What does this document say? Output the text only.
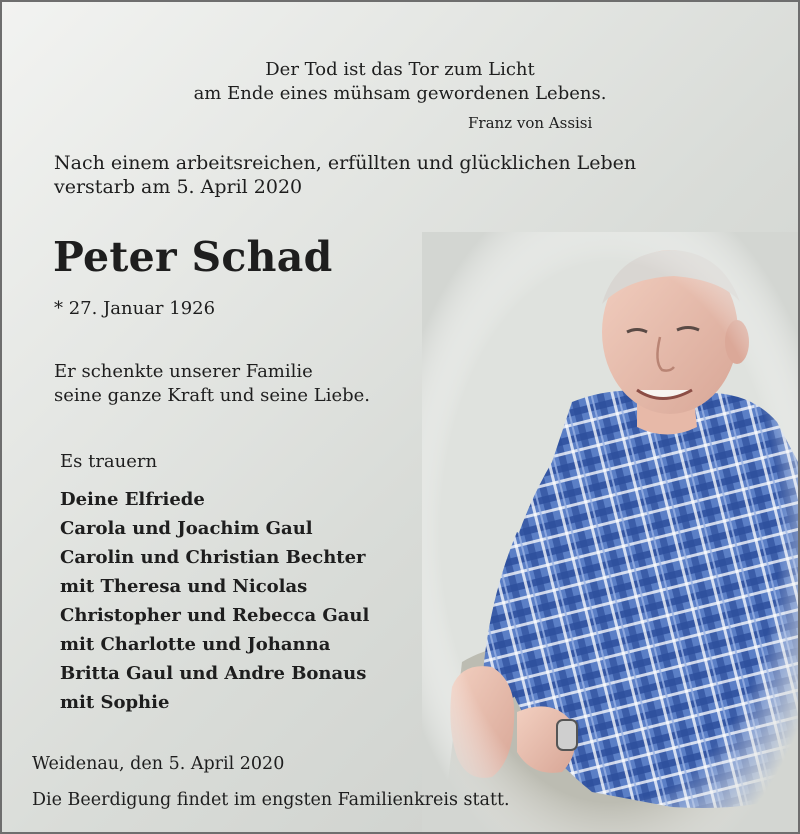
Der Tod ist das Tor zum Licht
am Ende eines mühsam gewordenen Lebens.
Franz von Assisi
Nach einem arbeitsreichen, erfüllten und glücklichen Leben
verstarb am 5. April 2020
Peter Schad
* 27. Januar 1926
Er schenkte unserer Familie
seine ganze Kraft und seine Liebe.
Es trauern
Deine Elfriede
Carola und Joachim Gaul
Carolin und Christian Bechter
mit Theresa und Nicolas
Christopher und Rebecca Gaul
mit Charlotte und Johanna
Britta Gaul und Andre Bonaus
mit Sophie
Weidenau, den 5. April 2020
Die Beerdigung findet im engsten Familienkreis statt.
